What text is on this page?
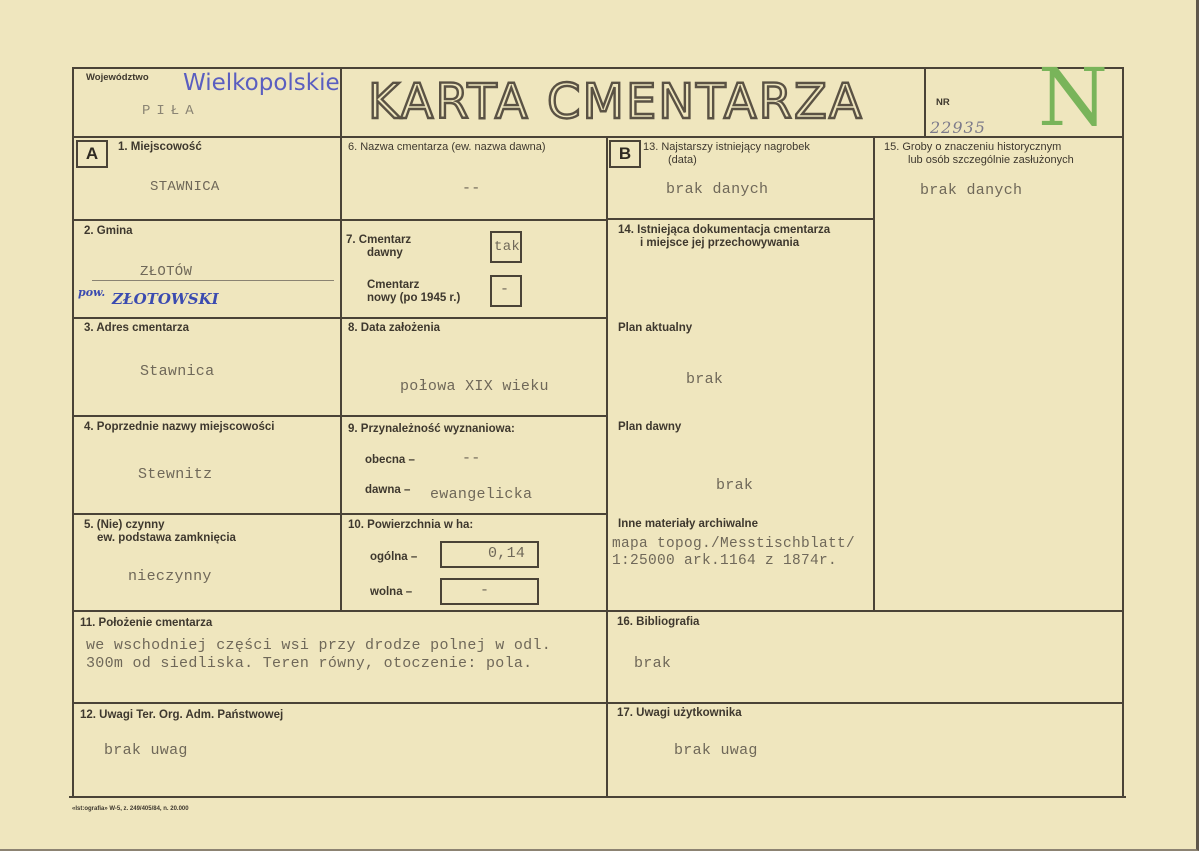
Województwo Wielkopolskie
PIŁA	KARTA CMENTARZA	NR
22935 N
A	B
1. Miejscowość
STAWNICA
2. Gmina
ZŁOTÓW
pow. ZŁOTOWSKI
3. Adres cmentarza
Stawnica
4. Poprzednie nazwy miejscowości
Stewnitz
5. (Nie) czynny
ew. podstawa zamknięcia
nieczynny
6. Nazwa cmentarza (ew. nazwa dawna)
--
7. Cmentarz
dawny	tak
Cmentarz
nowy (po 1945 r.)	-
8. Data założenia
połowa XIX wieku
9. Przynależność wyznaniowa:
obecna –	--
dawna – ewangelicka
10. Powierzchnia w ha:
ogólna –	0,14
wolna –	-
13. Najstarszy istniejący nagrobek
(data)
brak danych
14. Istniejąca dokumentacja cmentarza
i miejsce jej przechowywania
Plan aktualny
brak
Plan dawny
brak
Inne materiały archiwalne
mapa topog./Messtischblatt/
1:25000 ark.1164 z 1874r.
15. Groby o znaczeniu historycznym
lub osób szczególnie zasłużonych
brak danych
11. Położenie cmentarza
we wschodniej części wsi przy drodze polnej w odl.
300m od siedliska. Teren równy, otoczenie: pola.
16. Bibliografia
brak
12. Uwagi Ter. Org. Adm. Państwowej
brak uwag
17. Uwagi użytkownika
brak uwag
«Ist:ografia» W-5, z. 249/405/84, n. 20.000
